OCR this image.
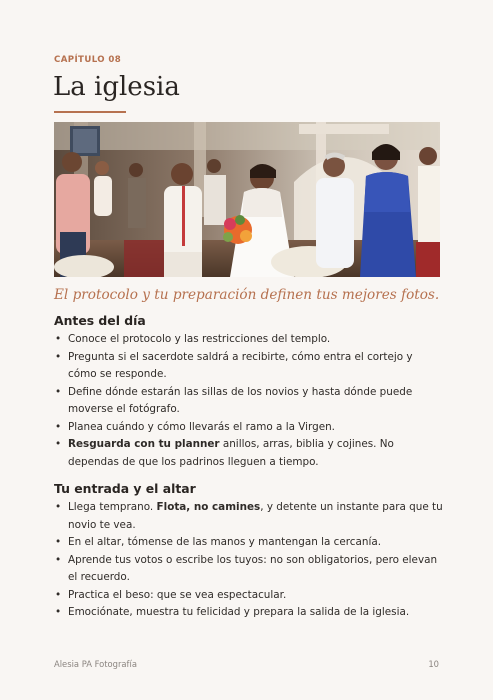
CAPÍTULO 08
La iglesia
El protocolo y tu preparación definen tus mejores fotos.
Antes del día
• Conoce el protocolo y las restricciones del templo.
• Pregunta si el sacerdote saldrá a recibirte, cómo entra el cortejo y cómo se responde.
• Define dónde estarán las sillas de los novios y hasta dónde puede moverse el fotógrafo.
• Planea cuándo y cómo llevarás el ramo a la Virgen.
• Resguarda con tu planner anillos, arras, biblia y cojines. No dependas de que los padrinos lleguen a tiempo.
Tu entrada y el altar
• Llega temprano. Flota, no camines, y detente un instante para que tu novio te vea.
• En el altar, tómense de las manos y mantengan la cercanía.
• Aprende tus votos o escribe los tuyos: no son obligatorios, pero elevan el recuerdo.
• Practica el beso: que se vea espectacular.
• Emociónate, muestra tu felicidad y prepara la salida de la iglesia.
Alesia PA Fotografía	10
